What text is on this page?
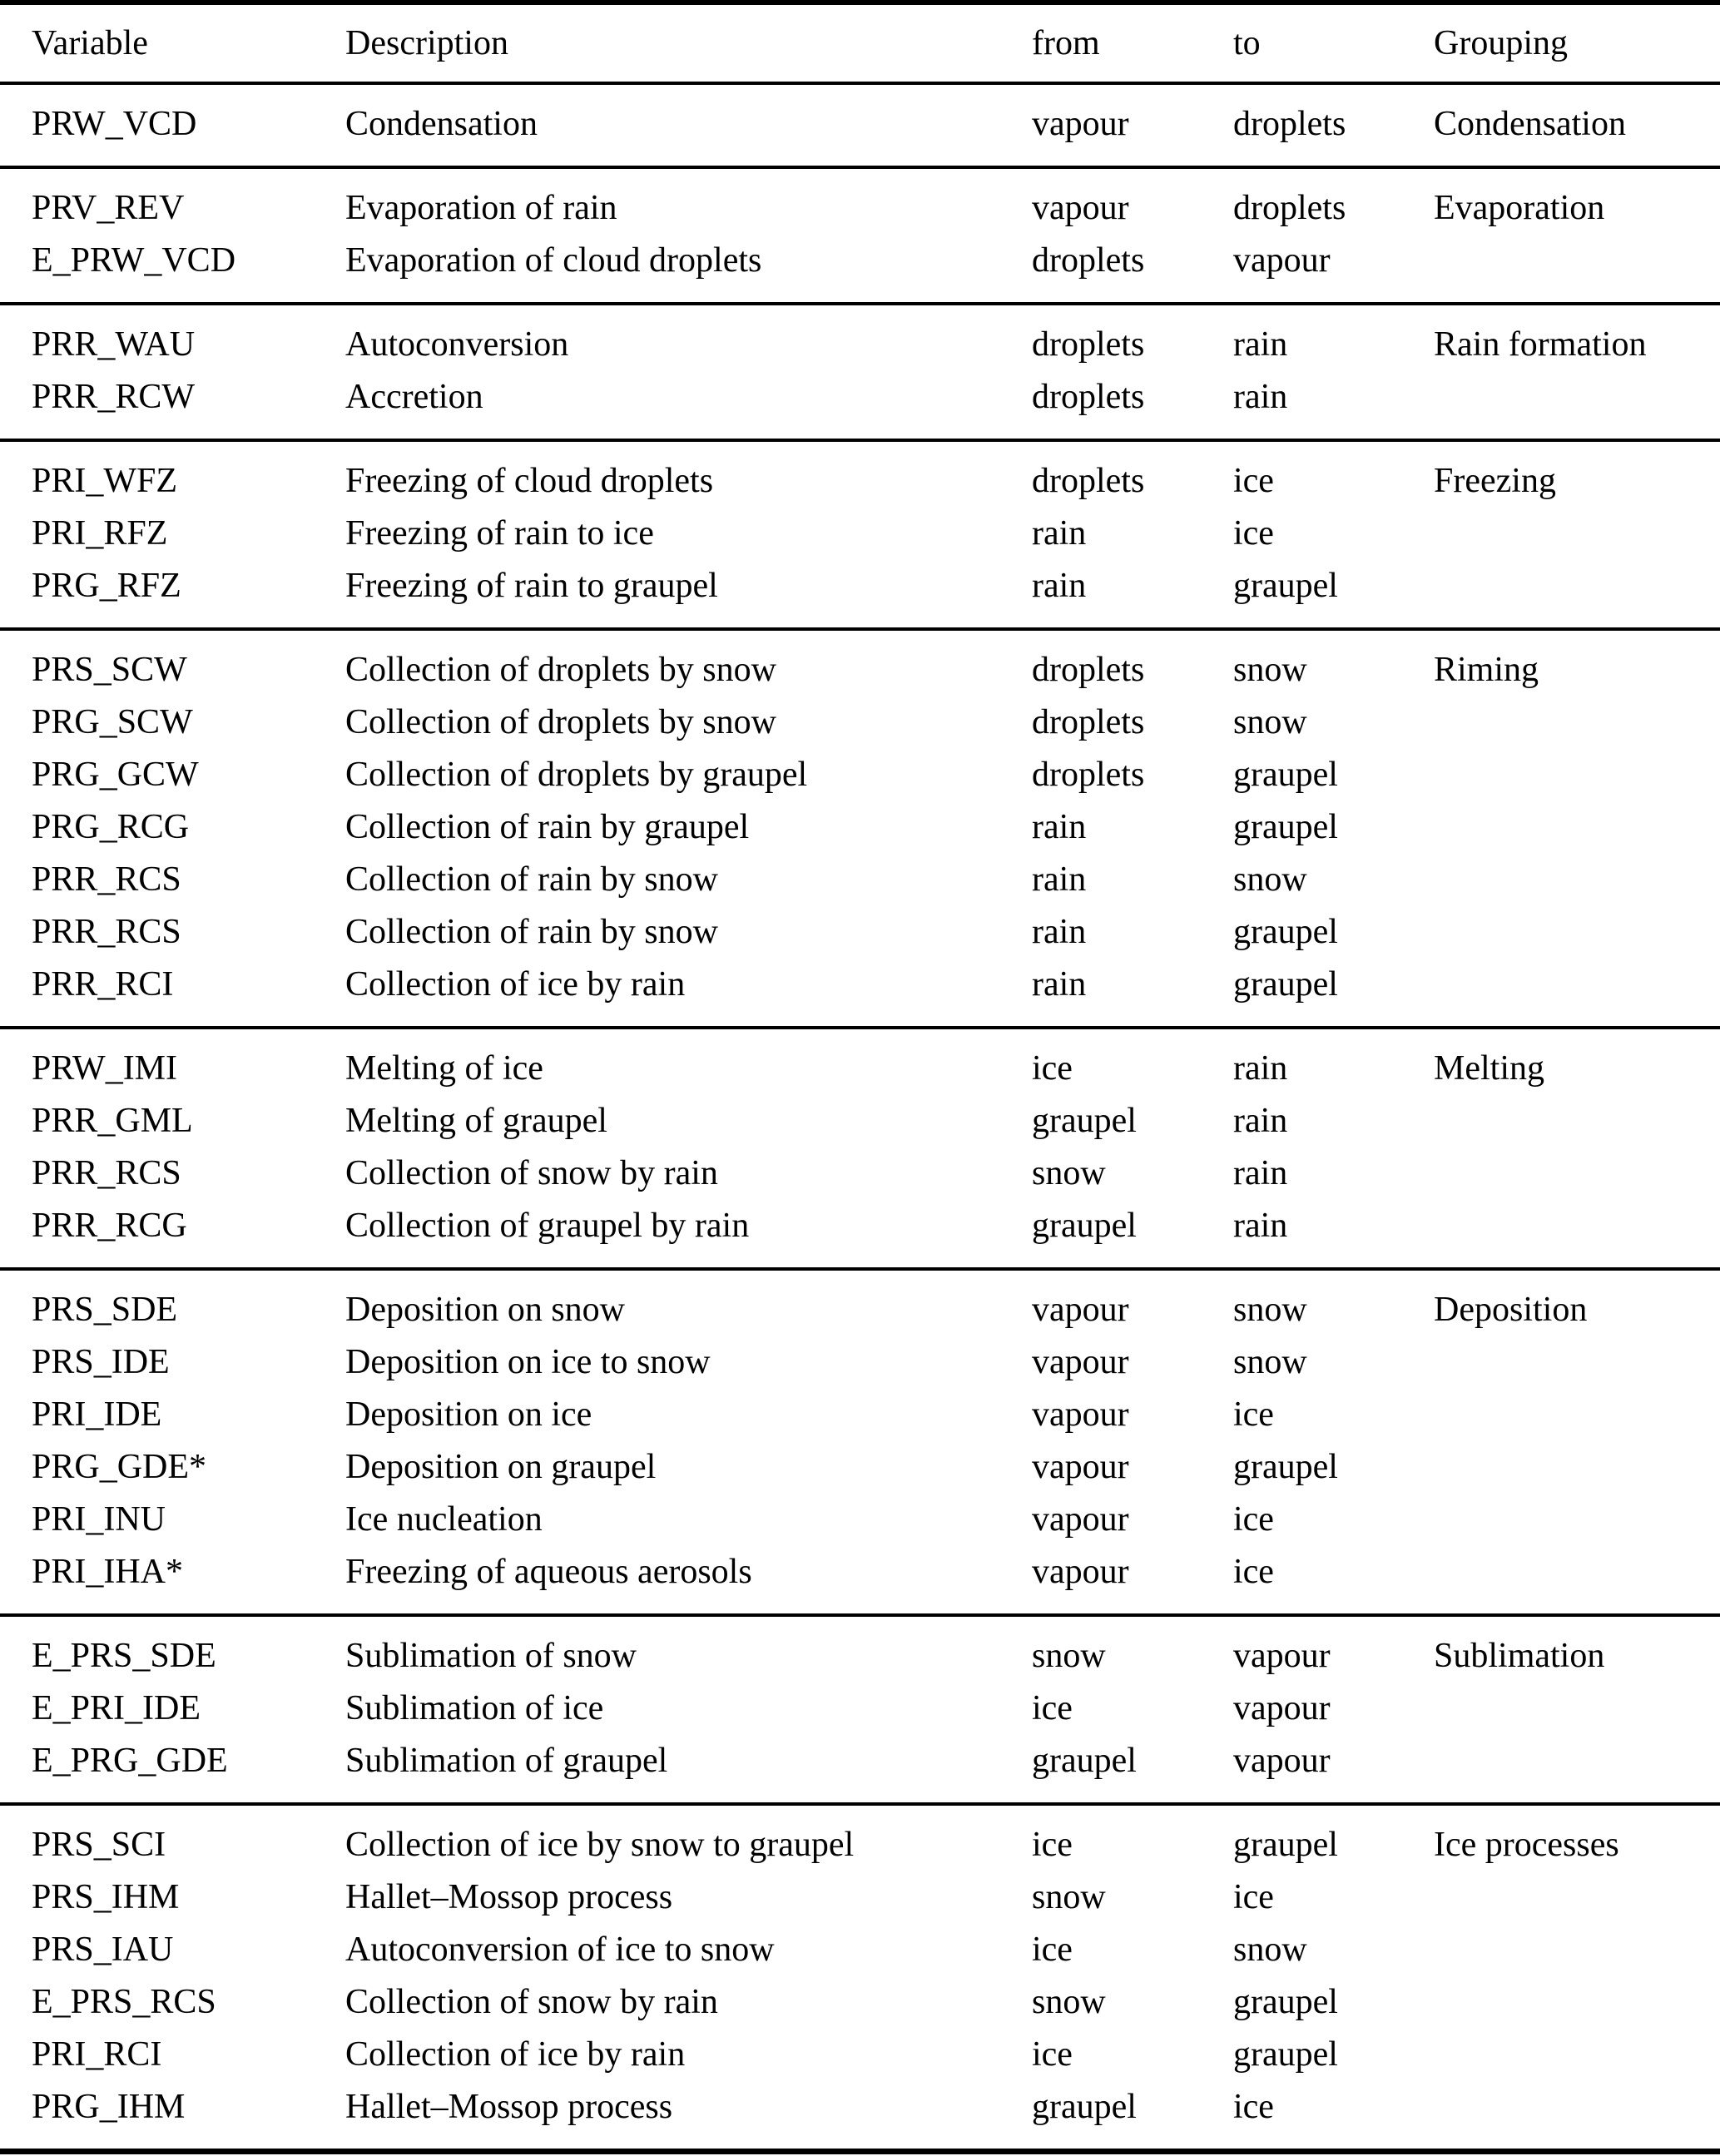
Variable	Description	from	to	Grouping
PRW_VCD	Condensation	vapour	droplets	Condensation
PRV_REV	Evaporation of rain	vapour	droplets	Evaporation
E_PRW_VCD	Evaporation of cloud droplets	droplets	vapour	
PRR_WAU	Autoconversion	droplets	rain	Rain formation
PRR_RCW	Accretion	droplets	rain	
PRI_WFZ	Freezing of cloud droplets	droplets	ice	Freezing
PRI_RFZ	Freezing of rain to ice	rain	ice	
PRG_RFZ	Freezing of rain to graupel	rain	graupel	
PRS_SCW	Collection of droplets by snow	droplets	snow	Riming
PRG_SCW	Collection of droplets by snow	droplets	snow	
PRG_GCW	Collection of droplets by graupel	droplets	graupel	
PRG_RCG	Collection of rain by graupel	rain	graupel	
PRR_RCS	Collection of rain by snow	rain	snow	
PRR_RCS	Collection of rain by snow	rain	graupel	
PRR_RCI	Collection of ice by rain	rain	graupel	
PRW_IMI	Melting of ice	ice	rain	Melting
PRR_GML	Melting of graupel	graupel	rain	
PRR_RCS	Collection of snow by rain	snow	rain	
PRR_RCG	Collection of graupel by rain	graupel	rain	
PRS_SDE	Deposition on snow	vapour	snow	Deposition
PRS_IDE	Deposition on ice to snow	vapour	snow	
PRI_IDE	Deposition on ice	vapour	ice	
PRG_GDE*	Deposition on graupel	vapour	graupel	
PRI_INU	Ice nucleation	vapour	ice	
PRI_IHA*	Freezing of aqueous aerosols	vapour	ice	
E_PRS_SDE	Sublimation of snow	snow	vapour	Sublimation
E_PRI_IDE	Sublimation of ice	ice	vapour	
E_PRG_GDE	Sublimation of graupel	graupel	vapour	
PRS_SCI	Collection of ice by snow to graupel	ice	graupel	Ice processes
PRS_IHM	Hallet–Mossop process	snow	ice	
PRS_IAU	Autoconversion of ice to snow	ice	snow	
E_PRS_RCS	Collection of snow by rain	snow	graupel	
PRI_RCI	Collection of ice by rain	ice	graupel	
PRG_IHM	Hallet–Mossop process	graupel	ice	
